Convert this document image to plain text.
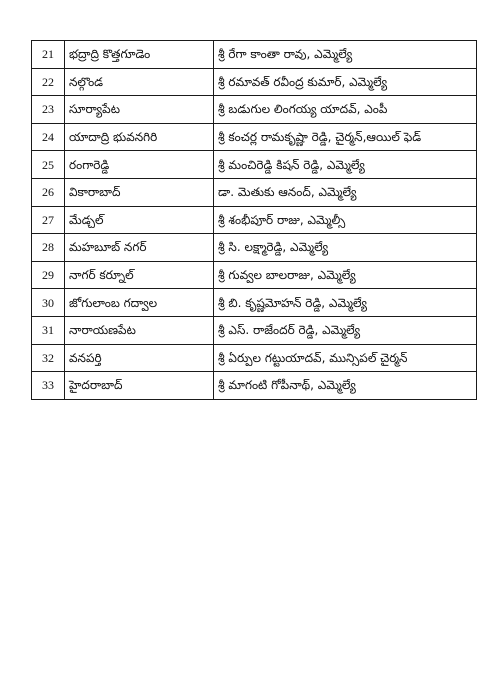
21	భద్రాద్రి కొత్తగూడెం	శ్రీ రేగా కాంతా రావు, ఎమ్మెల్యే
22	నల్గొండ	శ్రీ రమావత్ రవీంద్ర కుమార్, ఎమ్మెల్యే
23	సూర్యాపేట	శ్రీ బడుగుల లింగయ్య యాదవ్, ఎంపీ
24	యాదాద్రి భువనగిరి	శ్రీ కంచర్ల రామకృష్ణా రెడ్డి, చైర్మన్,ఆయిల్ ఫెడ్
25	రంగారెడ్డి	శ్రీ మంచిరెడ్డి కిషన్ రెడ్డి, ఎమ్మెల్యే
26	వికారాబాద్	డా. మెతుకు ఆనంద్, ఎమ్మెల్యే
27	మేడ్చల్	శ్రీ శంభీపూర్ రాజు, ఎమ్మెల్సీ
28	మహబూబ్ నగర్	శ్రీ సి. లక్ష్మారెడ్డి, ఎమ్మెల్యే
29	నాగర్ కర్నూల్	శ్రీ గువ్వల బాలరాజు, ఎమ్మెల్యే
30	జోగులాంబ గద్వాల	శ్రీ బి. కృష్ణమోహన్ రెడ్డి, ఎమ్మెల్యే
31	నారాయణపేట	శ్రీ ఎస్. రాజేందర్ రెడ్డి, ఎమ్మెల్యే
32	వనపర్తి	శ్రీ ఏర్పుల గట్టుయాదవ్, మున్సిపల్ చైర్మన్
33	హైదరాబాద్	శ్రీ మాగంటి గోపీనాథ్, ఎమ్మెల్యే
